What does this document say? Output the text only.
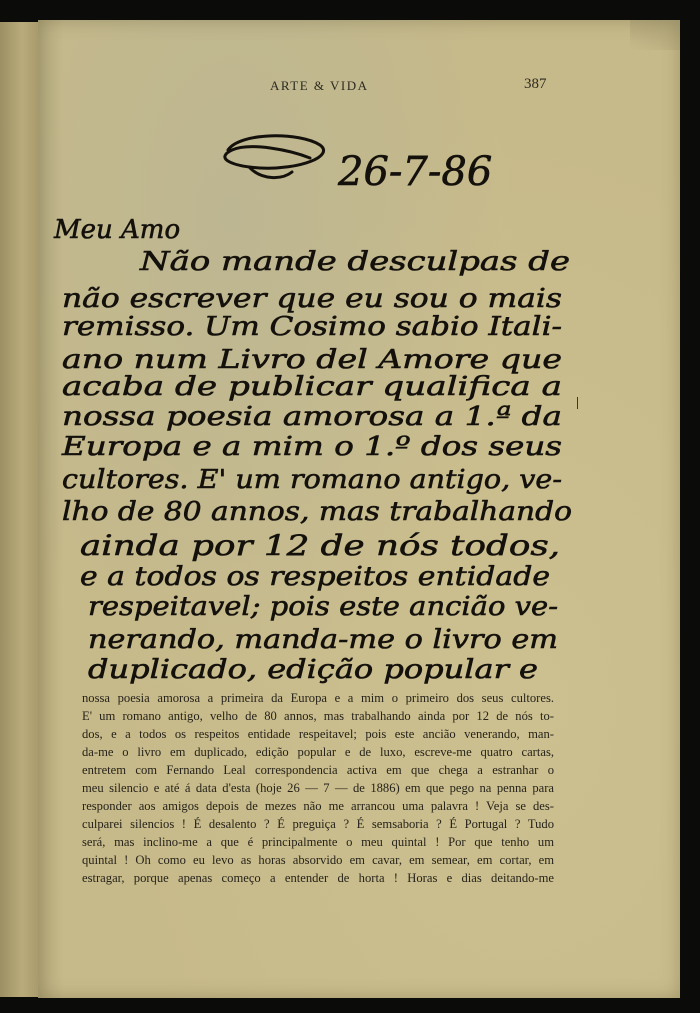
ARTE & VIDA	387
26-7-86
Meu Amo
Não mande desculpas de
não escrever que eu sou o mais
remisso. Um Cosimo sabio Itali-
ano num Livro del Amore que
acaba de publicar qualifica a
nossa poesia amorosa a 1.ª da
Europa e a mim o 1.º dos seus
cultores. E' um romano antigo, ve-
lho de 80 annos, mas trabalhando
ainda por 12 de nós todos,
e a todos os respeitos entidade
respeitavel; pois este ancião ve-
nerando, manda-me o livro em
duplicado, edição popular e
nossa poesia amorosa a primeira da Europa e a mim o primeiro dos seus cultores.
E' um romano antigo, velho de 80 annos, mas trabalhando ainda por 12 de nós to-
dos, e a todos os respeitos entidade respeitavel; pois este ancião venerando, man-
da-me o livro em duplicado, edição popular e de luxo, escreve-me quatro cartas,
entretem com Fernando Leal correspondencia activa em que chega a estranhar o
meu silencio e até á data d'esta (hoje 26 — 7 — de 1886) em que pego na penna para
responder aos amigos depois de mezes não me arrancou uma palavra ! Veja se des-
culparei silencios ! É desalento ? É preguiça ? É semsaboria ? É Portugal ? Tudo
será, mas inclino-me a que é principalmente o meu quintal ! Por que tenho um
quintal ! Oh como eu levo as horas absorvido em cavar, em semear, em cortar, em
estragar, porque apenas começo a entender de horta ! Horas e dias deitando-me
